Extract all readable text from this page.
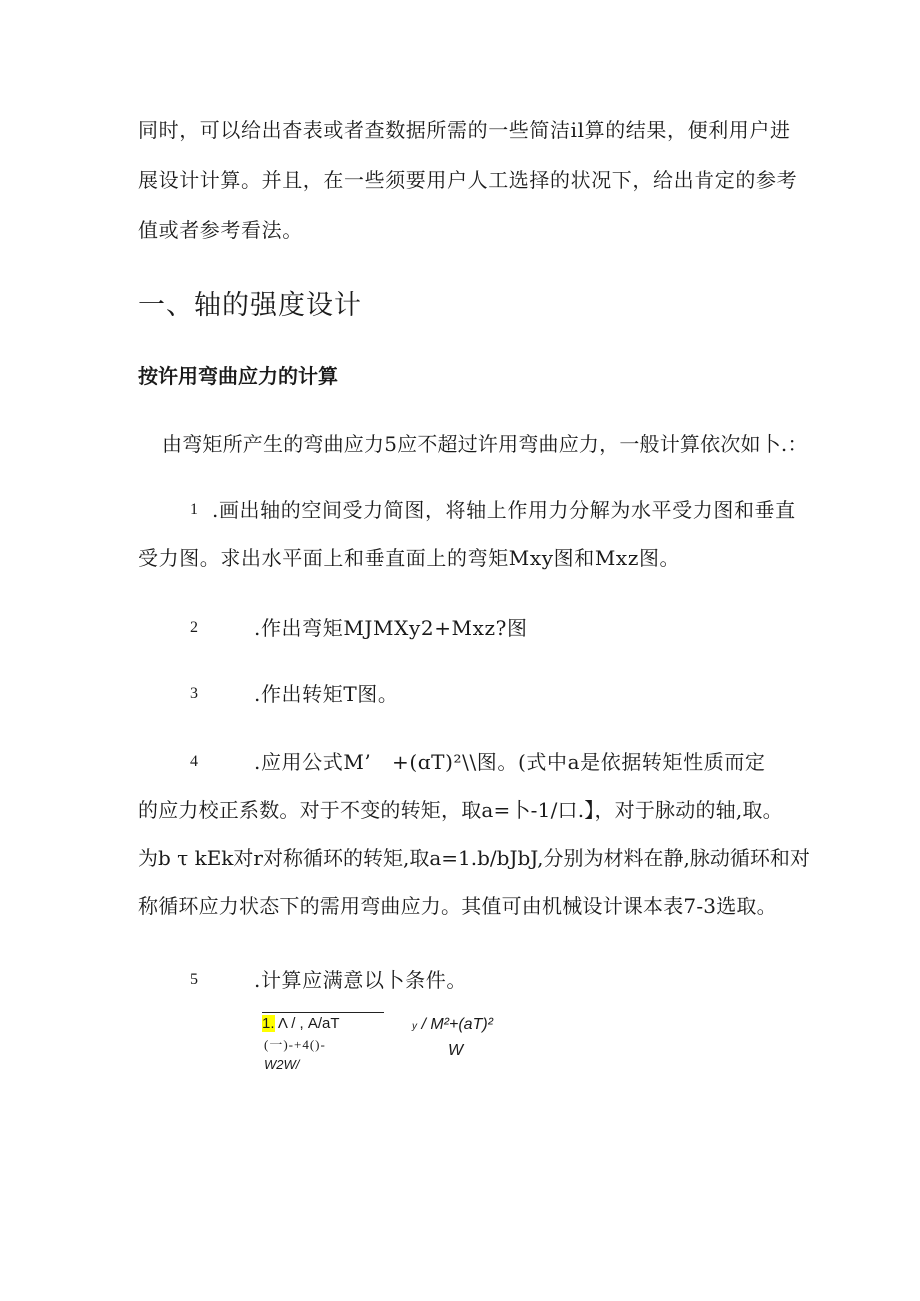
同时，可以给出杳表或者查数据所需的一些简洁il算的结果，便利用户进

展设计计算。并且，在一些须要用户人工选择的状况下，给出肯定的参考

值或者参考看法。

一、轴的强度设计
按许用弯曲应力的计算

由弯矩所产生的弯曲应力5应不超过许用弯曲应力，一般计算依次如卜.：

1 .画出轴的空间受力简图，将轴上作用力分解为水平受力图和垂直

受力图。求出水平面上和垂直面上的弯矩Mxy图和Mxz图。

2	.作出弯矩MJMXy2+Mxz?图

3	.作出转矩T图。

4	.应用公式M’　+(ɑT)²\\图。(式中a是依据转矩性质而定

的应力校正系数。对于不变的转矩，取a=卜-1/口.】，对于脉动的轴,取。

为b τ kEk对r对称循环的转矩,取a=1.b/bJbJ,分别为材料在静,脉动循环和对

称循环应力状态下的需用弯曲应力。其值可由机械设计课本表7-3选取。

5	.计算应满意以卜条件。

1. Λ / , A/aT
(一)-+4()-
W2W/
y / M²+(aT)²
W
